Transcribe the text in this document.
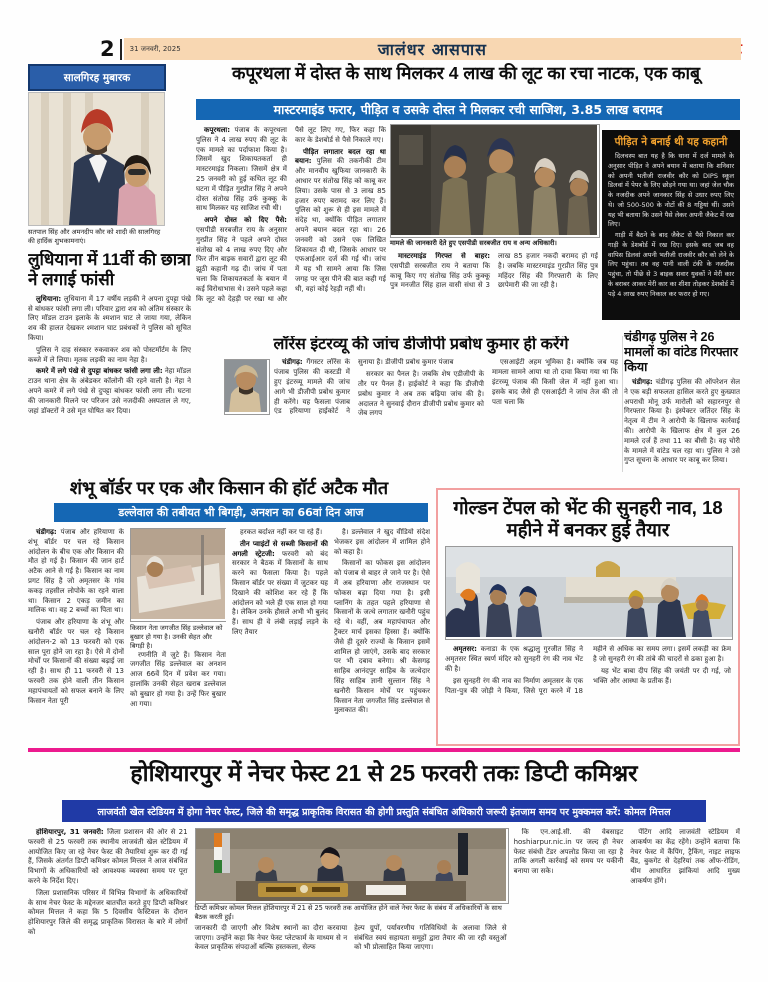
2	31 जनवरी, 2025	जालंधर आसपास
सालगिरह मुबारक
सतपाल सिंह और अमनदीप कौर को शादी की सालगिरह की हार्दिक शुभकामनाएं।
कपूरथला में दोस्त के साथ मिलकर 4 लाख की लूट का रचा नाटक, एक काबू
मास्टरमाइंड फरार, पीड़ित व उसके दोस्त ने मिलकर रची साजिश, 3.85 लाख बरामद

कपूरथला: पंजाब के कपूरथला पुलिस ने 4 लाख रुपए की लूट के एक मामले का पर्दाफाश किया है। जिसमें खुद शिकायतकर्ता ही मास्टरमाइंड निकला। जिसमें क्षेत्र में 25 जनवरी को हुई कथित लूट की घटना में पीड़ित गुरप्रीत सिंह ने अपने दोस्त संतोख सिंह उर्फ कुक्कू के साथ मिलकर यह साजिश रची थी।

अपने दोस्त को दिए पैसे: एसपीडी सरबजीत राय के अनुसार गुरप्रीत सिंह ने पहले अपने दोस्त संतोख को 4 लाख रुपए दिए और फिर तीन बाइक सवारों द्वारा लूट की झूठी कहानी गढ़ दी। जांच में पता चला कि शिकायतकर्ता के बयान में कई विरोधाभास थे। उसने पहले कहा कि लूट को देहड़ी पर रखा था और पैसे लूट लिए गए, फिर कहा कि कार के डेशबोर्ड से पैसे निकाले गए।

पीड़ित लगातार बदल रहा था बयान: पुलिस की तकनीकी टीम और मानवीय खुफिया जानकारी के आधार पर संतोख सिंह को काबू कर लिया। उसके पास से 3 लाख 85 हजार रुपए बरामद कर लिए हैं। पुलिस को शुरू से ही इस मामले में संदेह था, क्योंकि पीड़ित लगातार अपने बयान बदल रहा था। 26 जनवरी को उसने एक लिखित शिकायत दी थी, जिसके आधार पर एफआईआर दर्ज की गई थी। जांच में यह भी सामने आया कि जिस जगह पर जूस पीने की बात कही गई थी, वहां कोई रेहड़ी नहीं थी।

मामले की जानकारी देते हुए एसपीडी सरबजीत राय व अन्य अधिकारी।

मास्टरमाइंड गिरफ्त से बाहर: एसपीडी सरबजीत राय ने बताया कि काबू किए गए संतोख सिंह उर्फ कुक्कू पुत्र मनजीत सिंह हाल वासी संधा से 3 लाख 85 हजार नकदी बरामद हो गई है। जबकि मास्टरमाइंड गुरप्रीत सिंह पुत्र महिंदर सिंह की गिरफ्तारी के लिए छापेमारी की जा रही है।

पीड़ित ने बनाई थी यह कहानी

दिलचस्प बात यह है कि थाना में दर्ज मामले के अनुसार पीड़ित ने अपने बयान में बताया कि शनिवार को अपनी भतीजी राजवीर कौर को DIPS स्कूल डिलवां में पेपर के लिए छोड़ने गया था। जहां जेल चौक के नजदीक अपने जानकार सिंह से उधार रुपए लिए थे। जो 500-500 के नोटों की 8 गड्डियां थीं। उसने यह भी बताया कि उसने पैसे लेकर अपनी जैकेट में रख लिए।

गाड़ी में बैठने के बाद जैकेट से पैसे निकाल कर गाड़ी के डेशबोर्ड में रख दिए। इसके बाद जब वह वापिस डिलवां अपनी भतीजी राजवीर कौर को लेने के लिए पहुंचा। तब वह पानी वाली टंकी के नजदीक पहुंचा, तो पीछे से 3 बाइक सवार युवकों ने मेरी कार के बराबर आकर मेरी कार का शीशा तोड़कर डेशबोर्ड में पड़े 4 लाख रुपए निकाल कर फरार हो गए।

लुधियाना में 11वीं की छात्रा ने लगाई फांसी

लुधियाना: लुधियाना में 17 वर्षीय लड़की ने अपना दुपट्टा पंखे से बांधकर फांसी लगा ली। परिवार द्वारा शव को अंतिम संस्कार के लिए मॉडल टाउन इलाके के श्मशान घाट ले जाया गया, लेकिन शव की हालत देखकर श्मशान घाट प्रबंधकों ने पुलिस को सूचित किया।

पुलिस ने दाह संस्कार रुकवाकर शव को पोस्टमॉर्टम के लिए कब्जे में ले लिया। मृतक लड़की का नाम नेहा है।

कमरे में लगे पंखे से दुपट्टा बांधकर फांसी लगा ली: नेहा मॉडल टाउन थाना क्षेत्र के अंबेडकर कॉलोनी की रहने वाली है। नेहा ने अपने कमरे में लगे पंखे से दुपट्टा बांधकर फांसी लगा ली। घटना की जानकारी मिलने पर परिजन उसे नजदीकी अस्पताल ले गए, जहां डॉक्टरों ने उसे मृत घोषित कर दिया।

लॉरेंस इंटरव्यू की जांच डीजीपी प्रबोध कुमार ही करेंगे

चंडीगढ़: गैंगस्टर लॉरेंस के पंजाब पुलिस की कस्टडी में हुए इंटरव्यू मामले की जांच आगे भी डीजीपी प्रबोध कुमार ही करेंगे। यह फैसला पंजाब एंड हरियाणा हाईकोर्ट ने सुनाया है। डीजीपी प्रबोध कुमार पंजाब

सरकार का पैनल है। जबकि शेष एडीजीपी के तौर पर पैनल हैं। हाईकोर्ट ने कहा कि डीजीपी प्रबोध कुमार ने अब तक बढ़िया जांच की है। अदालत ने सुनवाई दौरान डीजीपी प्रबोध कुमार को जेब लगप

एसआईटी अहम भूमिका है। क्योंकि जब यह मामला सामने आया था तो दावा किया गया था कि इंटरव्यू पंजाब की किसी जेल में नहीं हुआ था। इसके बाद जैसे ही एसआईटी ने जांच तेज की तो पता चला कि

चंडीगढ़ पुलिस ने 26 मामलों का वांटेड गिरफ्तार किया

चंडीगढ़: चंडीगढ़ पुलिस की ऑपरेशन सेल ने एक बड़ी सफलता हासिल करते हुए कुख्यात अपराधी मोनू उर्फ मारोली को सहारनपुर से गिरफ्तार किया है। इंस्पेक्टर जतिंदर सिंह के नेतृत्व में टीम ने आरोपी के खिलाफ कार्रवाई की। आरोपी के खिलाफ क्षेत्र में कुल 26 मामले दर्ज हैं तथा 11 का बीसी है। वह चोरी के मामले में वांटेड चल रहा था। पुलिस ने उसे गुप्त सूचना के आधार पर काबू कर लिया।

शंभू बॉर्डर पर एक और किसान की हॉर्ट अटैक मौत
डल्लेवाल की तबीयत भी बिगड़ी, अनशन का 66वां दिन आज

चंडीगढ़: पंजाब और हरियाणा के शंभू बॉर्डर पर चल रहे किसान आंदोलन के बीच एक और किसान की मौत हो गई है। किसान की जान हार्ट अटैक आने से गई है। किसान का नाम प्रगट सिंह है जो अमृतसर के गांव ककड़ तहसील लोपोके का रहने वाला था। किसान 2 एकड़ जमीन का मालिक था। वह 2 बच्चों का पिता था।

पंजाब और हरियाणा के शंभू और खनौरी बॉर्डर पर चल रहे किसान आंदोलन-2 को 13 फरवरी को एक साल पूरा होने जा रहा है। ऐसे में दोनों मोर्चों पर किसानों की संख्या बढ़ाई जा रही है। साथ ही 11 फरवरी से 13 फरवरी तक होने वाली तीन किसान महापंचायतों को सफल बनाने के लिए किसान नेता पूरी

किसान नेता जगजीत सिंह डल्लेवाल को बुखार हो गया है। उनकी सेहत और बिगड़ी है।

रणनीति में जुटे हैं। किसान नेता जगजीत सिंह डल्लेवाल का अनशन आज 66वें दिन में प्रवेश कर गया। हालांकि उनकी सेहत खराब डल्लेवाल को बुखार हो गया है। उन्हें फिर बुखार आ गया।

हरकत बर्दाश्त नहीं कर पा रहे हैं।

तीन प्वाइंटों से सब्जी किसानों की अगली स्ट्रेटजी: फरवरी को बंद सरकार ने बैठक में किसानों के साथ करने का फैसला किया है। पहले किसान बॉर्डर पर संख्या में जुटकर यह दिखाने की कोशिश कर रहे हैं कि आंदोलन को भले ही एक साल हो गया है। लेकिन उनके हौसले अभी भी बुलंद हैं। साथ ही वे लंबी लड़ाई लड़ने के लिए तैयार

है। डल्लेवाल ने खुद वीडियो संदेश भेजकर इस आंदोलन में शामिल होने को कहा है।

किसानों का फोकस इस आंदोलन को पंजाब से बाहर ले जाने पर है। ऐसे में अब हरियाणा और राजस्थान पर फोकस बढ़ा दिया गया है। इसी प्लानिंग के तहत पहले हरियाणा से किसानों के जत्थे लगातार खनौरी पहुंच रहे थे। वहीं, अब महापंचायत और ट्रैक्टर मार्च इसका हिस्सा हैं। क्योंकि जैसे ही दूसरे राज्यों के किसान इसमें शामिल हो जाएंगे, उसके बाद सरकार पर भी दबाव बनेगा। श्री केसगढ़ साहिब आनंदपुर साहिब के जत्थेदार सिंह साहिब ज्ञानी सुल्तान सिंह ने खनौरी किसान मोर्चे पर पहुंचकर किसान नेता जगजीत सिंह डल्लेवाल से मुलाकात की।

गोल्डन टेंपल को भेंट की सुनहरी नाव, 18 महीने में बनकर हुई तैयार

अमृतसर: कनाडा के एक श्रद्धालु गुरजीत सिंह ने अमृतसर स्थित स्वर्ण मंदिर को सुनहरी रंग की नाव भेंट की है।

इस सुनहरी रंग की नाव का निर्माण अमृतसर के एक पिता-पुत्र की जोड़ी ने किया, जिसे पूरा करने में 18 महीने से अधिक का समय लगा। इसमें लकड़ी का फ्रेम है जो सुनहरी रंग की तांबे की चादरों से ढका हुआ है।

यह भेंट बाबा दीप सिंह की जयंती पर दी गई, जो भक्ति और आस्था के प्रतीक हैं।

होशियारपुर में नेचर फेस्ट 21 से 25 फरवरी तकः डिप्टी कमिश्नर
लाजवंती खेल स्टेडियम में होगा नेचर फेस्ट, जिले की समृद्ध प्राकृतिक विरासत की होगी प्रस्तुति संबंधित अधिकारी जरूरी इंतजाम समय पर मुक्कमल करें: कोमल मित्तल

होशियारपुर, 31 जनवरी: जिला प्रशासन की ओर से 21 फरवरी से 25 फरवरी तक स्थानीय लाजवंती खेल स्टेडियम में आयोजित किए जा रहे नेचर फेस्ट की तैयारियां शुरू कर दी गई हैं, जिसके अंतर्गत डिप्टी कमिश्नर कोमल मित्तल ने आज संबंधित विभागों के अधिकारियों को आवश्यक व्यवस्था समय पर पूरा करने के निर्देश दिए।

जिला प्रशासनिक परिसर में विभिन्न विभागों के अधिकारियों के साथ नेचर फेस्ट के मद्देनजर बातचीत करते हुए डिप्टी कमिश्नर कोमल मित्तल ने कहा कि 5 दिवसीय फेस्टिवल के दौरान होशियारपुर जिले की समृद्ध प्राकृतिक विरासत के बारे में लोगों को

डिप्टी कमिश्नर कोमल मित्तल होशियारपुर में 21 से 25 फरवरी तक आयोजित होने वाले नेचर फेस्ट के संबंध में अधिकारियों के साथ बैठक करती हुईं।
जानकारी दी जाएगी और विशेष स्थानों का दौरा करवाया जाएगा। उन्होंने कहा कि नेचर फेस्ट प्लेटफार्म के माध्यम से न केवल प्राकृतिक संपदाओं बल्कि हस्तकला, सेल्फ
हेल्प ग्रुपों, पर्यावरणीय गतिविधियों के अलावा जिले से संबंधित स्वयं सहायता समूहों द्वारा तैयार की जा रही वस्तुओं को भी प्रोत्साहित किया जाएगा।

कि एन.आई.सी. की वेबसाइट hoshiarpur.nic.in पर जल्द ही नेचर फेस्ट संबंधी टेंडर अपलोड किया जा रहा है ताकि अगली कार्रवाई को समय पर यकीनी बनाया जा सके।

पेंटिंग आदि लाजवंती स्टेडियम में आकर्षण का केंद्र रहेंगे। उन्होंने बताया कि नेचर फेस्ट में कैंपिंग, ट्रैकिंग, नाइट लाइफ बैंड, बुकगेट से देहरियां तक ऑफ-रोडिंग, थीम आधारित झांकियां आदि मुख्य आकर्षण होंगे।
